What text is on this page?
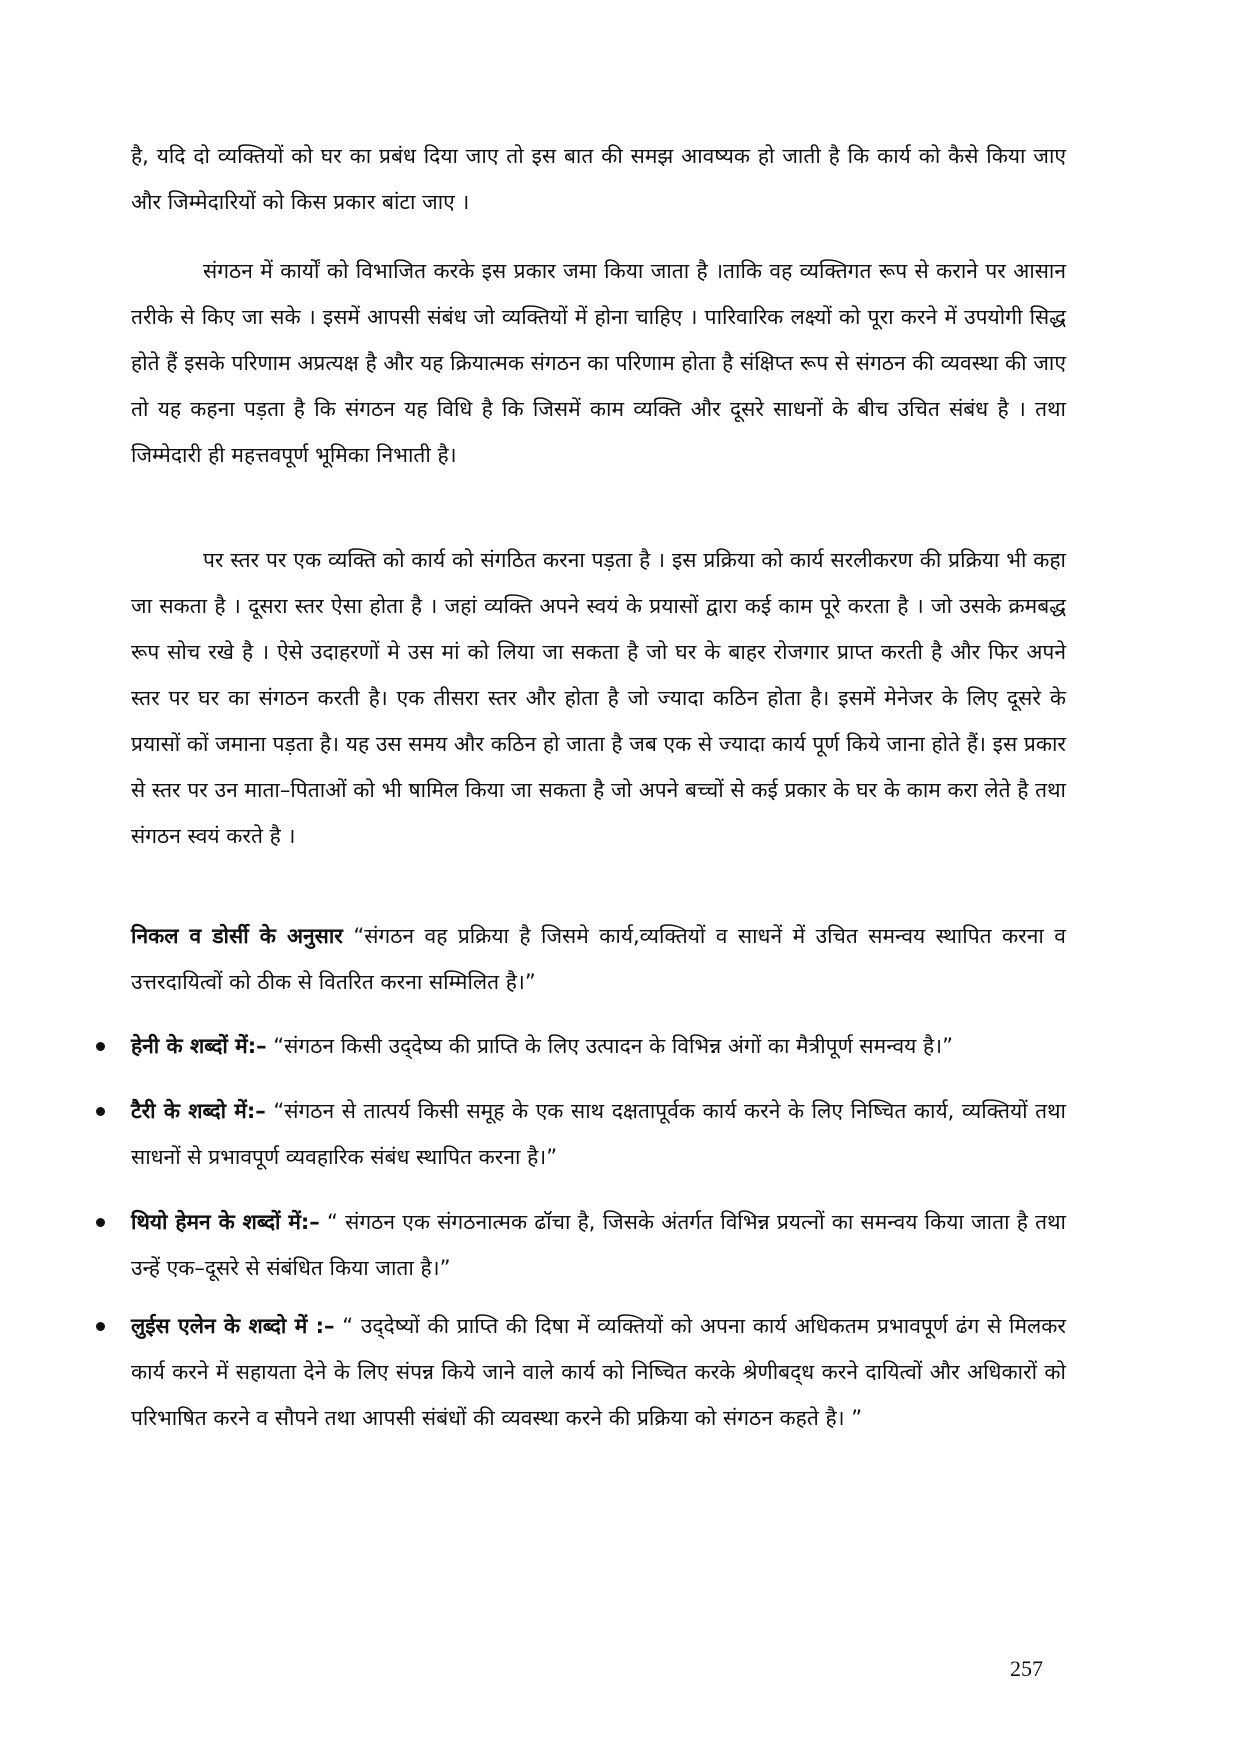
है, यदि दो व्यक्तियों को घर का प्रबंध दिया जाए तो इस बात की समझ आवष्यक हो जाती है कि कार्य को कैसे किया जाए और जिम्मेदारियों को किस प्रकार बांटा जाए ।

संगठन में कार्यों को विभाजित करके इस प्रकार जमा किया जाता है ।ताकि वह व्यक्तिगत रूप से कराने पर आसान तरीके से किए जा सके । इसमें आपसी संबंध जो व्यक्तियों में होना चाहिए । पारिवारिक लक्ष्यों को पूरा करने में उपयोगी सिद्ध होते हैं इसके परिणाम अप्रत्यक्ष है और यह क्रियात्मक संगठन का परिणाम होता है संक्षिप्त रूप से संगठन की व्यवस्था की जाए तो यह कहना पड़ता है कि संगठन यह विधि है कि जिसमें काम व्यक्ति और दूसरे साधनों के बीच उचित संबंध है । तथा जिम्मेदारी ही महत्तवपूर्ण भूमिका निभाती है।

पर स्तर पर एक व्यक्ति को कार्य को संगठित करना पड़ता है । इस प्रक्रिया को कार्य सरलीकरण की प्रक्रिया भी कहा जा सकता है । दूसरा स्तर ऐसा होता है । जहां व्यक्ति अपने स्वयं के प्रयासों द्वारा कई काम पूरे करता है । जो उसके क्रमबद्ध रूप सोच रखे है । ऐसे उदाहरणों मे उस मां को लिया जा सकता है जो घर के बाहर रोजगार प्राप्त करती है और फिर अपने स्तर पर घर का संगठन करती है। एक तीसरा स्तर और होता है जो ज्यादा कठिन होता है। इसमें मेनेजर के लिए दूसरे के प्रयासों कों जमाना पड़ता है। यह उस समय और कठिन हो जाता है जब एक से ज्यादा कार्य पूर्ण किये जाना होते हैं। इस प्रकार से स्तर पर उन माता–पिताओं को भी षामिल किया जा सकता है जो अपने बच्चों से कई प्रकार के घर के काम करा लेते है तथा संगठन स्वयं करते है ।

निकल व डोर्सी के अनुसार “संगठन वह प्रक्रिया है जिसमे कार्य,व्यक्तियों व साधनें में उचित समन्वय स्थापित करना व उत्तरदायित्वों को ठीक से वितरित करना सम्मिलित है।”

हेनी के शब्दों में:– “संगठन किसी उद्‌देष्य की प्राप्ति के लिए उत्पादन के विभिन्न अंगों का मैत्रीपूर्ण समन्वय है।”
टैरी के शब्दो में:– “संगठन से तात्पर्य किसी समूह के एक साथ दक्षतापूर्वक कार्य करने के लिए निष्चित कार्य, व्यक्तियों तथा साधनों से प्रभावपूर्ण व्यवहारिक संबंध स्थापित करना है।”
थियो हेमन के शब्दों में:– “ संगठन एक संगठनात्मक ढॉचा है, जिसके अंतर्गत विभिन्न प्रयत्नों का समन्वय किया जाता है तथा उन्हें एक–दूसरे से संबंधित किया जाता है।”
लुईस एलेन के शब्दो में :– “ उद्‌देष्यों की प्राप्ति की दिषा में व्यक्तियों को अपना कार्य अधिकतम प्रभावपूर्ण ढंग से मिलकर कार्य करने में सहायता देने के लिए संपन्न किये जाने वाले कार्य को निष्चित करके श्रेणीबद्‌ध करने दायित्वों और अधिकारों को परिभाषित करने व सौपने तथा आपसी संबंधों की व्यवस्था करने की प्रक्रिया को संगठन कहते है। ”
257
